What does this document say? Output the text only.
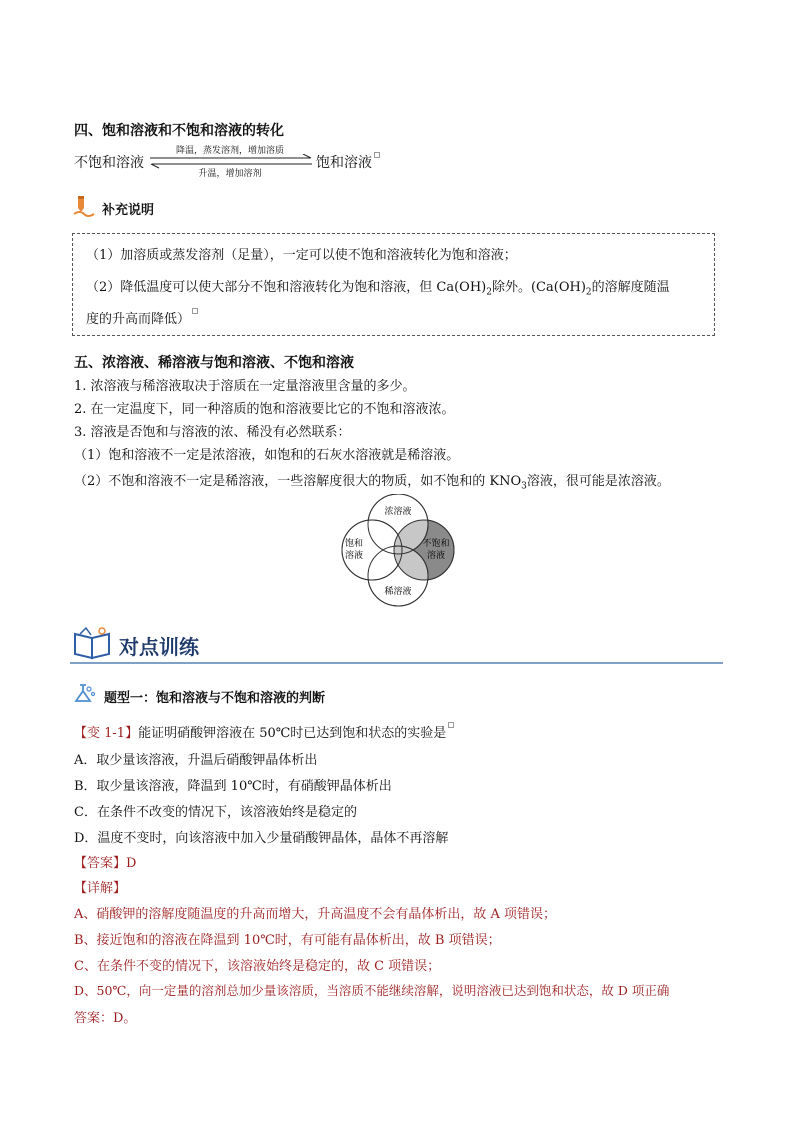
四、饱和溶液和不饱和溶液的转化
不饱和溶液
降温，蒸发溶剂，增加溶质
升温，增加溶剂
饱和溶液
补充说明
（1）加溶质或蒸发溶剂（足量），一定可以使不饱和溶液转化为饱和溶液；
（2）降低温度可以使大部分不饱和溶液转化为饱和溶液，但 $Ca(OH)_2$除外。($Ca(OH)_2$的溶解度随温
度的升高而降低）
五、浓溶液、稀溶液与饱和溶液、不饱和溶液
1. 浓溶液与稀溶液取决于溶质在一定量溶液里含量的多少。
2. 在一定温度下，同一种溶质的饱和溶液要比它的不饱和溶液浓。
3. 溶液是否饱和与溶液的浓、稀没有必然联系：
（1）饱和溶液不一定是浓溶液，如饱和的石灰水溶液就是稀溶液。
（2）不饱和溶液不一定是稀溶液，一些溶解度很大的物质，如不饱和的 $KNO_3$溶液，很可能是浓溶液。
浓溶液
饱和
溶液
不饱和
溶液
稀溶液
对点训练
题型一：饱和溶液与不饱和溶液的判断
【变 1-1】能证明硝酸钾溶液在 50℃时已达到饱和状态的实验是
A．取少量该溶液，升温后硝酸钾晶体析出
B．取少量该溶液，降温到 10℃时，有硝酸钾晶体析出
C．在条件不改变的情况下，该溶液始终是稳定的
D．温度不变时，向该溶液中加入少量硝酸钾晶体，晶体不再溶解
【答案】D
【详解】
A、硝酸钾的溶解度随温度的升高而增大，升高温度不会有晶体析出，故 A 项错误；
B、接近饱和的溶液在降温到 10℃时，有可能有晶体析出，故 B 项错误；
C、在条件不变的情况下，该溶液始终是稳定的，故 C 项错误；
D、50℃，向一定量的溶剂总加少量该溶质，当溶质不能继续溶解，说明溶液已达到饱和状态，故 D 项正确
答案：D。
